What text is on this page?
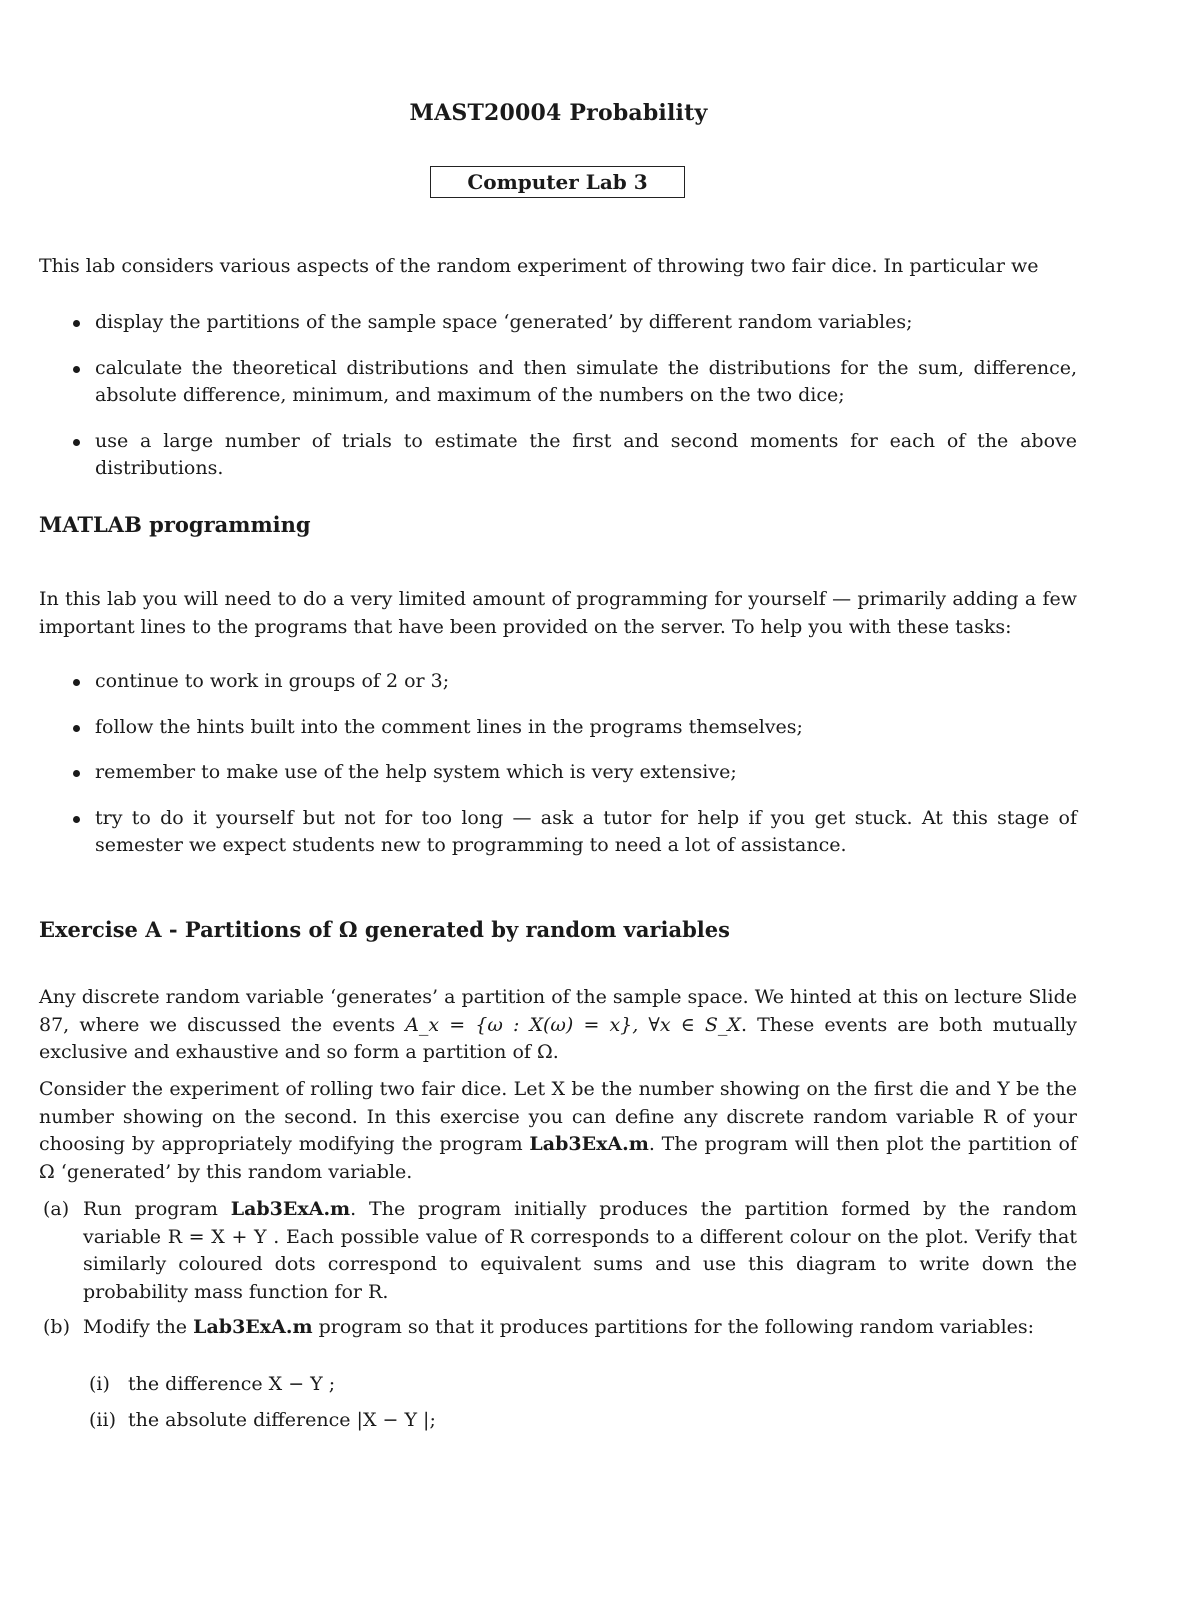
MAST20004 Probability
Computer Lab 3
This lab considers various aspects of the random experiment of throwing two fair dice. In particular we
display the partitions of the sample space ‘generated’ by different random variables;
calculate the theoretical distributions and then simulate the distributions for the sum, difference, absolute difference, minimum, and maximum of the numbers on the two dice;
use a large number of trials to estimate the first and second moments for each of the above distributions.
MATLAB programming
In this lab you will need to do a very limited amount of programming for yourself — primarily adding a few important lines to the programs that have been provided on the server. To help you with these tasks:
continue to work in groups of 2 or 3;
follow the hints built into the comment lines in the programs themselves;
remember to make use of the help system which is very extensive;
try to do it yourself but not for too long — ask a tutor for help if you get stuck. At this stage of semester we expect students new to programming to need a lot of assistance.
Exercise A - Partitions of Ω generated by random variables
Any discrete random variable ‘generates’ a partition of the sample space. We hinted at this on lecture Slide 87, where we discussed the events A_x = {ω : X(ω) = x}, ∀x ∈ S_X. These events are both mutually exclusive and exhaustive and so form a partition of Ω.
Consider the experiment of rolling two fair dice. Let X be the number showing on the first die and Y be the number showing on the second. In this exercise you can define any discrete random variable R of your choosing by appropriately modifying the program Lab3ExA.m. The program will then plot the partition of Ω ‘generated’ by this random variable.
(a) Run program Lab3ExA.m. The program initially produces the partition formed by the random variable R = X + Y . Each possible value of R corresponds to a different colour on the plot. Verify that similarly coloured dots correspond to equivalent sums and use this diagram to write down the probability mass function for R.
(b) Modify the Lab3ExA.m program so that it produces partitions for the following random variables:
(i) the difference X − Y ;
(ii) the absolute difference |X − Y |;
